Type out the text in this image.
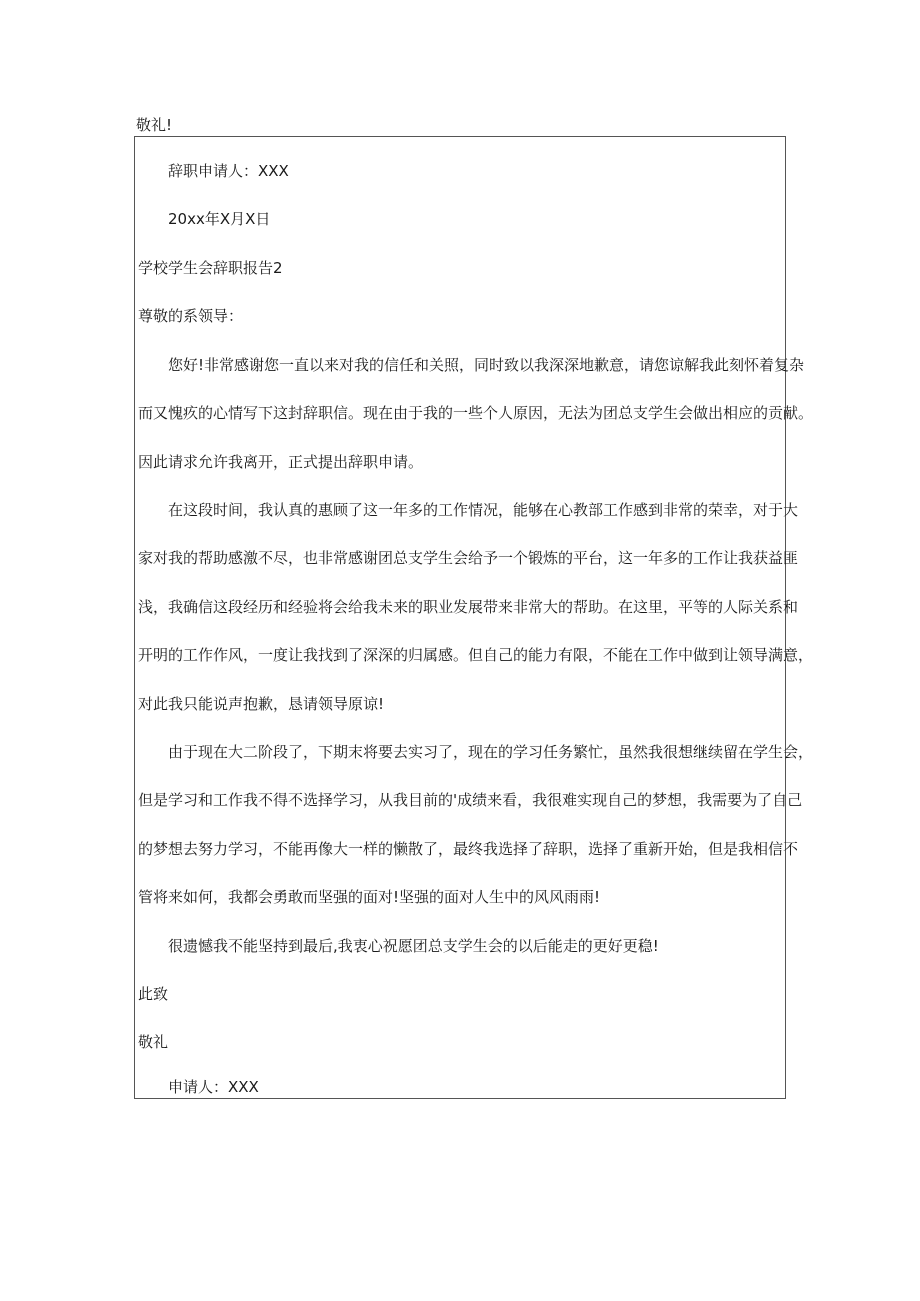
敬礼!
辞职申请人：XXX
20xx年X月X日
学校学生会辞职报告2
尊敬的系领导：
您好!非常感谢您一直以来对我的信任和关照，同时致以我深深地歉意，请您谅解我此刻怀着复杂
而又愧疚的心情写下这封辞职信。现在由于我的一些个人原因，无法为团总支学生会做出相应的贡献。
因此请求允许我离开，正式提出辞职申请。
在这段时间，我认真的惠顾了这一年多的工作情况，能够在心教部工作感到非常的荣幸，对于大
家对我的帮助感激不尽，也非常感谢团总支学生会给予一个锻炼的平台，这一年多的工作让我获益匪
浅，我确信这段经历和经验将会给我未来的职业发展带来非常大的帮助。在这里，平等的人际关系和
开明的工作作风，一度让我找到了深深的归属感。但自己的能力有限，不能在工作中做到让领导满意，
对此我只能说声抱歉，恳请领导原谅!
由于现在大二阶段了，下期末将要去实习了，现在的学习任务繁忙，虽然我很想继续留在学生会，
但是学习和工作我不得不选择学习，从我目前的'成绩来看，我很难实现自己的梦想，我需要为了自己
的梦想去努力学习，不能再像大一样的懒散了，最终我选择了辞职，选择了重新开始，但是我相信不
管将来如何，我都会勇敢而坚强的面对!坚强的面对人生中的风风雨雨!
很遗憾我不能坚持到最后,我衷心祝愿团总支学生会的以后能走的更好更稳!
此致
敬礼
申请人：XXX
